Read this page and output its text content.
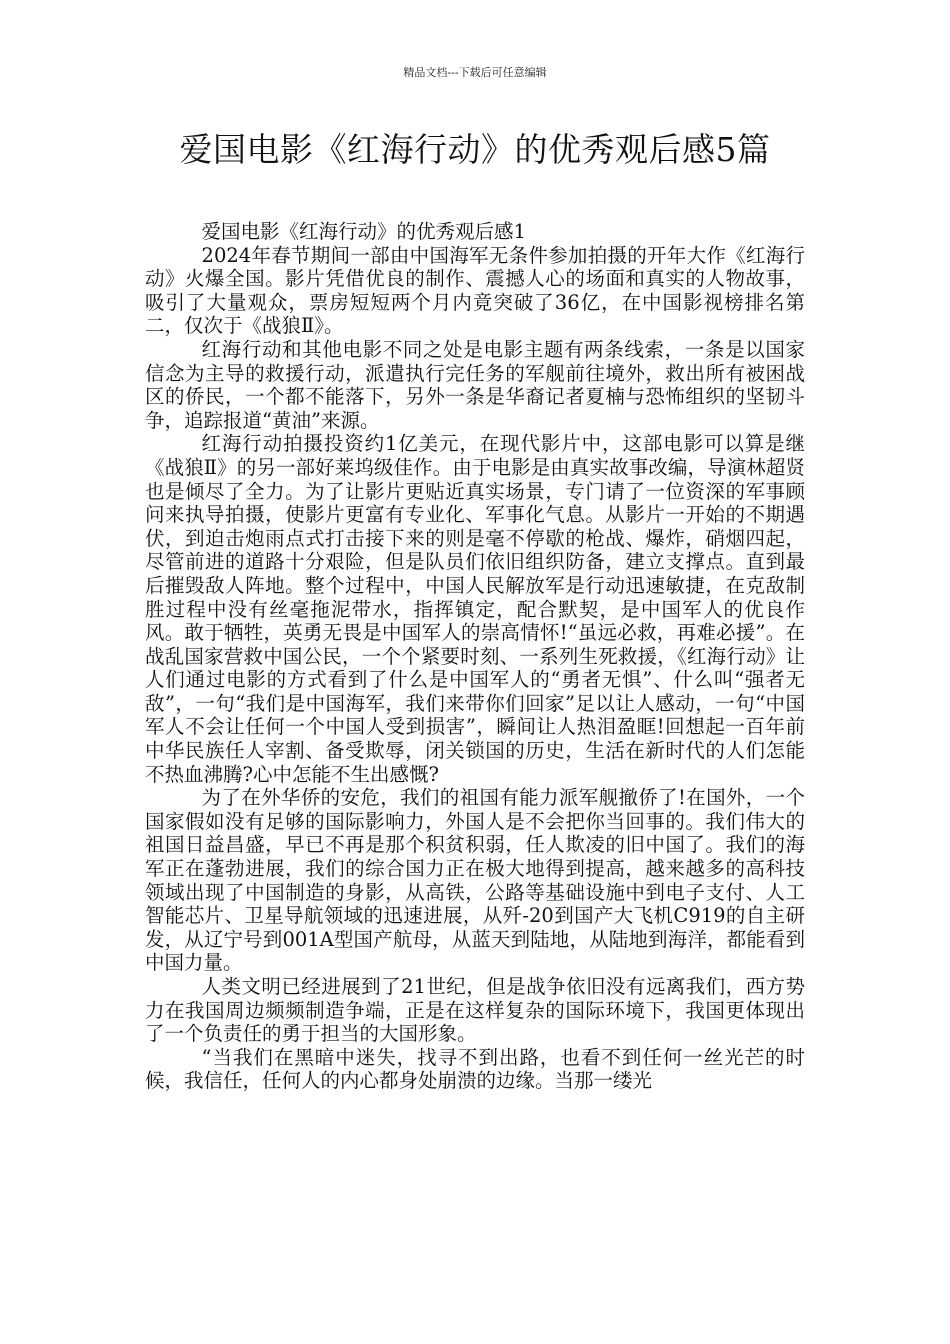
精品文档---下载后可任意编辑
爱国电影《红海行动》的优秀观后感5篇

爱国电影《红海行动》的优秀观后感1

2024年春节期间一部由中国海军无条件参加拍摄的开年大作《红海行动》火爆全国。影片凭借优良的制作、震撼人心的场面和真实的人物故事，吸引了大量观众，票房短短两个月内竟突破了36亿，在中国影视榜排名第二，仅次于《战狼Ⅱ》。

红海行动和其他电影不同之处是电影主题有两条线索，一条是以国家信念为主导的救援行动，派遣执行完任务的军舰前往境外，救出所有被困战区的侨民，一个都不能落下，另外一条是华裔记者夏楠与恐怖组织的坚韧斗争，追踪报道“黄油”来源。

红海行动拍摄投资约1亿美元，在现代影片中，这部电影可以算是继《战狼Ⅱ》的另一部好莱坞级佳作。由于电影是由真实故事改编，导演林超贤也是倾尽了全力。为了让影片更贴近真实场景，专门请了一位资深的军事顾问来执导拍摄，使影片更富有专业化、军事化气息。从影片一开始的不期遇伏，到迫击炮雨点式打击接下来的则是毫不停歇的枪战、爆炸，硝烟四起，尽管前进的道路十分艰险，但是队员们依旧组织防备，建立支撑点。直到最后摧毁敌人阵地。整个过程中，中国人民解放军是行动迅速敏捷，在克敌制胜过程中没有丝毫拖泥带水，指挥镇定，配合默契，是中国军人的优良作风。敢于牺牲，英勇无畏是中国军人的崇高情怀!“虽远必救，再难必援”。在战乱国家营救中国公民，一个个紧要时刻、一系列生死救援，《红海行动》让人们通过电影的方式看到了什么是中国军人的“勇者无惧”、什么叫“强者无敌”，一句“我们是中国海军，我们来带你们回家”足以让人感动，一句“中国军人不会让任何一个中国人受到损害”，瞬间让人热泪盈眶!回想起一百年前中华民族任人宰割、备受欺辱，闭关锁国的历史，生活在新时代的人们怎能不热血沸腾?心中怎能不生出感慨?

为了在外华侨的安危，我们的祖国有能力派军舰撤侨了!在国外，一个国家假如没有足够的国际影响力，外国人是不会把你当回事的。我们伟大的祖国日益昌盛，早已不再是那个积贫积弱，任人欺凌的旧中国了。我们的海军正在蓬勃进展，我们的综合国力正在极大地得到提高，越来越多的高科技领域出现了中国制造的身影，从高铁，公路等基础设施中到电子支付、人工智能芯片、卫星导航领域的迅速进展，从歼-20到国产大飞机C919的自主研发，从辽宁号到001A型国产航母，从蓝天到陆地，从陆地到海洋，都能看到中国力量。

人类文明已经进展到了21世纪，但是战争依旧没有远离我们，西方势力在我国周边频频制造争端，正是在这样复杂的国际环境下，我国更体现出了一个负责任的勇于担当的大国形象。

“当我们在黑暗中迷失，找寻不到出路，也看不到任何一丝光芒的时候，我信任，任何人的内心都身处崩溃的边缘。当那一缕光
